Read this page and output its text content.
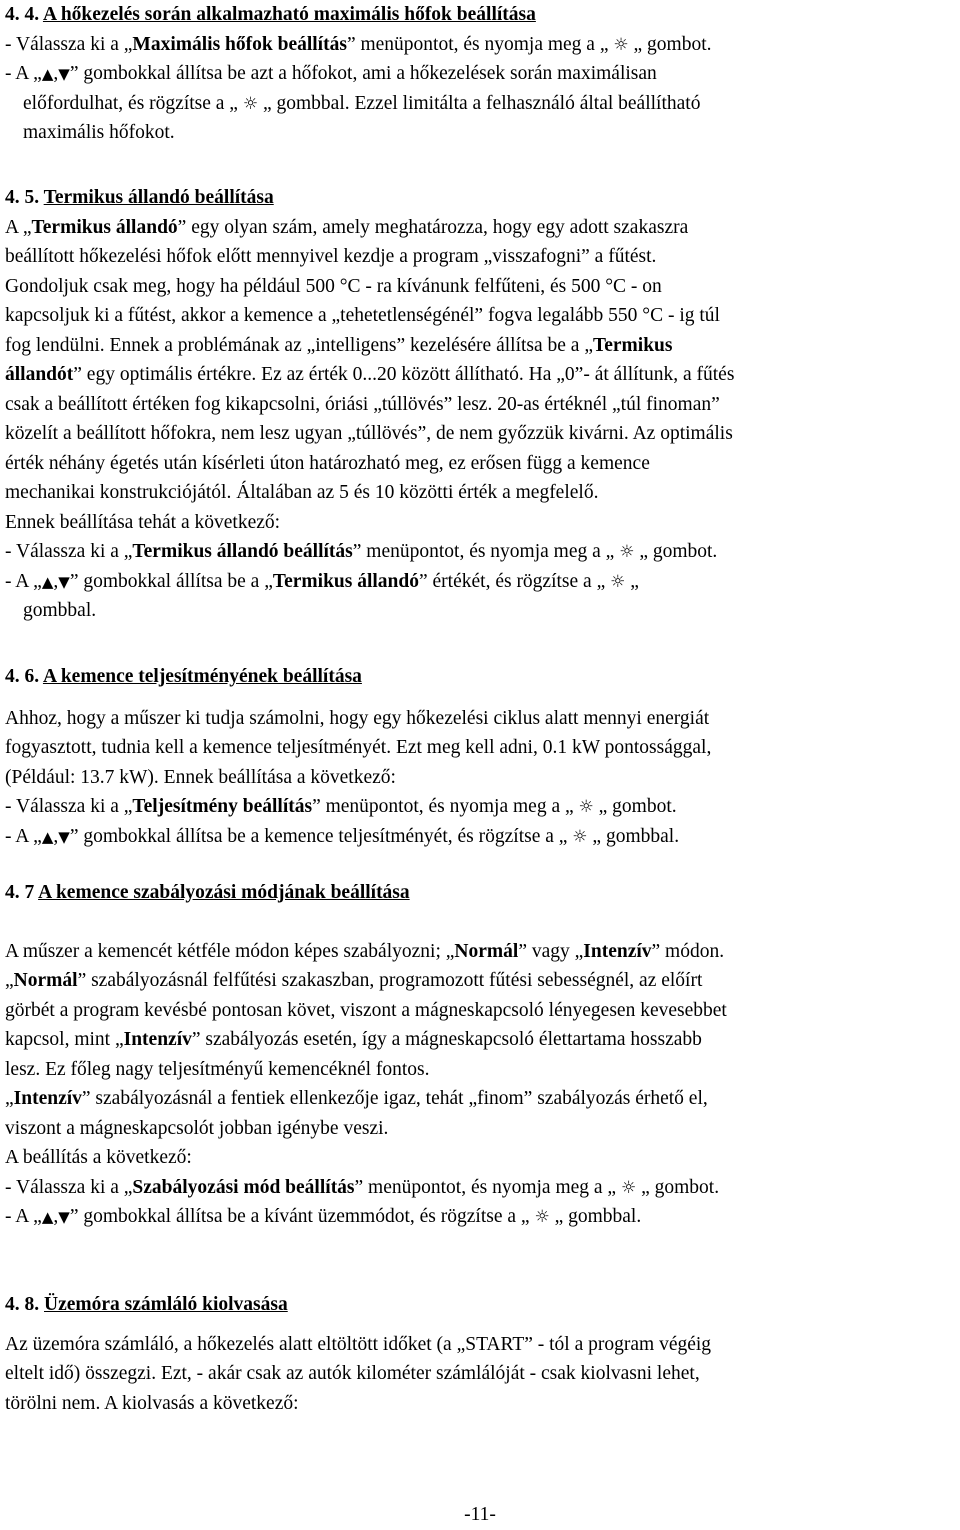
4. 4. A hőkezelés során alkalmazható maximális hőfok beállítása
- Válassza ki a „Maximális hőfok beállítás” menüpontot, és nyomja meg a „ ☼ „ gombot.
- A „▲,▼” gombokkal állítsa be azt a hőfokot, ami a hőkezelések során maximálisan
előfordulhat, és rögzítse a „ ☼ „ gombbal. Ezzel limitálta a felhasználó által beállítható
maximális hőfokot.
4. 5. Termikus állandó beállítása
A „Termikus állandó” egy olyan szám, amely meghatározza, hogy egy adott szakaszra
beállított hőkezelési hőfok előtt mennyivel kezdje a program „visszafogni” a fűtést.
Gondoljuk csak meg, hogy ha például 500 °C - ra kívánunk felfűteni, és 500 °C - on
kapcsoljuk ki a fűtést, akkor a kemence a „tehetetlenségénél” fogva legalább 550 °C - ig túl
fog lendülni. Ennek a problémának az „intelligens” kezelésére állítsa be a „Termikus
állandót” egy optimális értékre. Ez az érték 0...20 között állítható. Ha „0”- át állítunk, a fűtés
csak a beállított értéken fog kikapcsolni, óriási „túllövés” lesz. 20-as értéknél „túl finoman”
közelít a beállított hőfokra, nem lesz ugyan „túllövés”, de nem győzzük kivárni. Az optimális
érték néhány égetés után kísérleti úton határozható meg, ez erősen függ a kemence
mechanikai konstrukciójától. Általában az 5 és 10 közötti érték a megfelelő.
Ennek beállítása tehát a következő:
- Válassza ki a „Termikus állandó beállítás” menüpontot, és nyomja meg a „ ☼ „ gombot.
- A „▲,▼” gombokkal állítsa be a „Termikus állandó” értékét, és rögzítse a „ ☼ „
gombbal.
4. 6. A kemence teljesítményének beállítása
Ahhoz, hogy a műszer ki tudja számolni, hogy egy hőkezelési ciklus alatt mennyi energiát
fogyasztott, tudnia kell a kemence teljesítményét. Ezt meg kell adni, 0.1 kW pontossággal,
(Például: 13.7 kW). Ennek beállítása a következő:
- Válassza ki a „Teljesítmény beállítás” menüpontot, és nyomja meg a „ ☼ „ gombot.
- A „▲,▼” gombokkal állítsa be a kemence teljesítményét, és rögzítse a „ ☼ „ gombbal.
4. 7 A kemence szabályozási módjának beállítása
A műszer a kemencét kétféle módon képes szabályozni; „Normál” vagy „Intenzív” módon.
„Normál” szabályozásnál felfűtési szakaszban, programozott fűtési sebességnél, az előírt
görbét a program kevésbé pontosan követ, viszont a mágneskapcsoló lényegesen kevesebbet
kapcsol, mint „Intenzív” szabályozás esetén, így a mágneskapcsoló élettartama hosszabb
lesz. Ez főleg nagy teljesítményű kemencéknél fontos.
„Intenzív” szabályozásnál a fentiek ellenkezője igaz, tehát „finom” szabályozás érhető el,
viszont a mágneskapcsolót jobban igénybe veszi.
A beállítás a következő:
- Válassza ki a „Szabályozási mód beállítás” menüpontot, és nyomja meg a „ ☼ „ gombot.
- A „▲,▼” gombokkal állítsa be a kívánt üzemmódot, és rögzítse a „ ☼ „ gombbal.
4. 8. Üzemóra számláló kiolvasása
Az üzemóra számláló, a hőkezelés alatt eltöltött időket (a „START” - tól a program végéig
eltelt idő) összegzi. Ezt, - akár csak az autók kilométer számlálóját - csak kiolvasni lehet,
törölni nem. A kiolvasás a következő:
-11-
